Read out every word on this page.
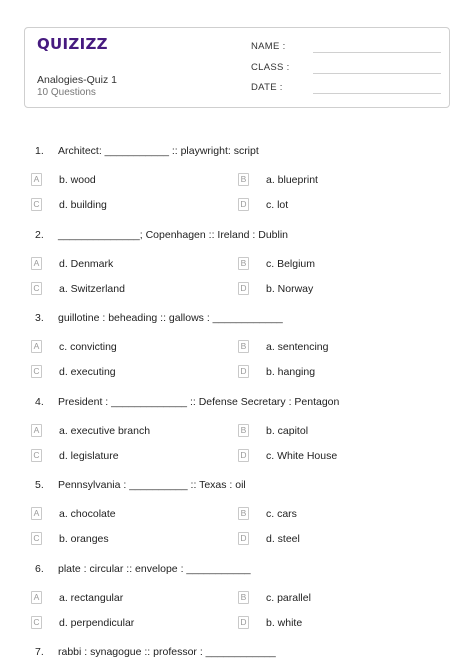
QUIZIZZ
Analogies-Quiz 1
10 Questions
NAME :
CLASS :
DATE :
1.	Architect: ___________ :: playwright: script
A b. wood	B a. blueprint
C d. building	D c. lot
2.	______________; Copenhagen :: Ireland : Dublin
A d. Denmark	B c. Belgium
C a. Switzerland	D b. Norway
3.	guillotine : beheading :: gallows : ____________
A c. convicting	B a. sentencing
C d. executing	D b. hanging
4.	President : _____________ :: Defense Secretary : Pentagon
A a. executive branch	B b. capitol
C d. legislature	D c. White House
5.	Pennsylvania : __________ :: Texas : oil
A a. chocolate	B c. cars
C b. oranges	D d. steel
6.	plate : circular :: envelope : ___________
A a. rectangular	B c. parallel
C d. perpendicular	D b. white
7.	rabbi : synagogue :: professor : ____________
